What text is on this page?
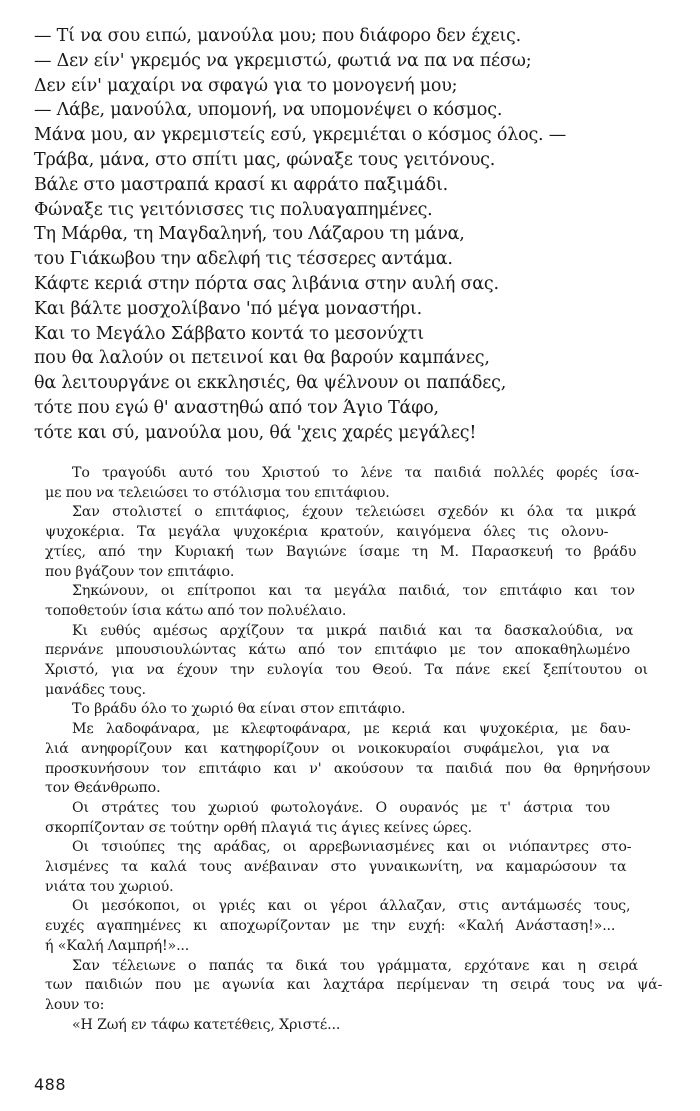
— Τί να σου ειπώ, μανούλα μου; που διάφορο δεν έχεις.
— Δεν είν' γκρεμός να γκρεμιστώ, φωτιά να πα να πέσω;
Δεν είν' μαχαίρι να σφαγώ για το μονογενή μου;
— Λάβε, μανούλα, υπομονή, να υπομονέψει ο κόσμος.
Μάνα μου, αν γκρεμιστείς εσύ, γκρεμιέται ο κόσμος όλος. —
Τράβα, μάνα, στο σπίτι μας, φώναξε τους γειτόνους.
Βάλε στο μαστραπά κρασί κι αφράτο παξιμάδι.
Φώναξε τις γειτόνισσες τις πολυαγαπημένες.
Τη Μάρθα, τη Μαγδαληνή, του Λάζαρου τη μάνα,
του Γιάκωβου την αδελφή τις τέσσερες αντάμα.
Κάφτε κεριά στην πόρτα σας λιβάνια στην αυλή σας.
Και βάλτε μοσχολίβανο 'πό μέγα μοναστήρι.
Και το Μεγάλο Σάββατο κοντά το μεσονύχτι
που θα λαλούν οι πετεινοί και θα βαρούν καμπάνες,
θα λειτουργάνε οι εκκλησιές, θα ψέλνουν οι παπάδες,
τότε που εγώ θ' αναστηθώ από τον Άγιο Τάφο,
τότε και σύ, μανούλα μου, θά 'χεις χαρές μεγάλες!
Το τραγούδι αυτό του Χριστού το λένε τα παιδιά πολλές φορές ίσα-
με που να τελειώσει το στόλισμα του επιτάφιου.
Σαν στολιστεί ο επιτάφιος, έχουν τελειώσει σχεδόν κι όλα τα μικρά
ψυχοκέρια. Τα μεγάλα ψυχοκέρια κρατούν, καιγόμενα όλες τις ολονυ-
χτίες, από την Κυριακή των Βαγιώνε ίσαμε τη Μ. Παρασκευή το βράδυ
που βγάζουν τον επιτάφιο.
Σηκώνουν, οι επίτροποι και τα μεγάλα παιδιά, τον επιτάφιο και τον
τοποθετούν ίσια κάτω από τον πολυέλαιο.
Κι ευθύς αμέσως αρχίζουν τα μικρά παιδιά και τα δασκαλούδια, να
περνάνε μπουσιουλώντας κάτω από τον επιτάφιο με τον αποκαθηλωμένο
Χριστό, για να έχουν την ευλογία του Θεού. Τα πάνε εκεί ξεπίτουτου οι
μανάδες τους.
Το βράδυ όλο το χωριό θα είναι στον επιτάφιο.
Με λαδοφάναρα, με κλεφτοφάναρα, με κεριά και ψυχοκέρια, με δαυ-
λιά ανηφορίζουν και κατηφορίζουν οι νοικοκυραίοι συφάμελοι, για να
προσκυνήσουν τον επιτάφιο και ν' ακούσουν τα παιδιά που θα θρηνήσουν
τον Θεάνθρωπο.
Οι στράτες του χωριού φωτολογάνε. Ο ουρανός με τ' άστρια του
σκορπίζονταν σε τούτην ορθή πλαγιά τις άγιες κείνες ώρες.
Οι τσιούπες της αράδας, οι αρρεβωνιασμένες και οι νιόπαντρες στο-
λισμένες τα καλά τους ανέβαιναν στο γυναικωνίτη, να καμαρώσουν τα
νιάτα του χωριού.
Οι μεσόκοποι, οι γριές και οι γέροι άλλαζαν, στις αντάμωσές τους,
ευχές αγαπημένες κι αποχωρίζονταν με την ευχή: «Καλή Ανάσταση!»...
ή «Καλή Λαμπρή!»...
Σαν τέλειωνε ο παπάς τα δικά του γράμματα, ερχότανε και η σειρά
των παιδιών που με αγωνία και λαχτάρα περίμεναν τη σειρά τους να ψά-
λουν το:
«Η Ζωή εν τάφω κατετέθεις, Χριστέ...
488
